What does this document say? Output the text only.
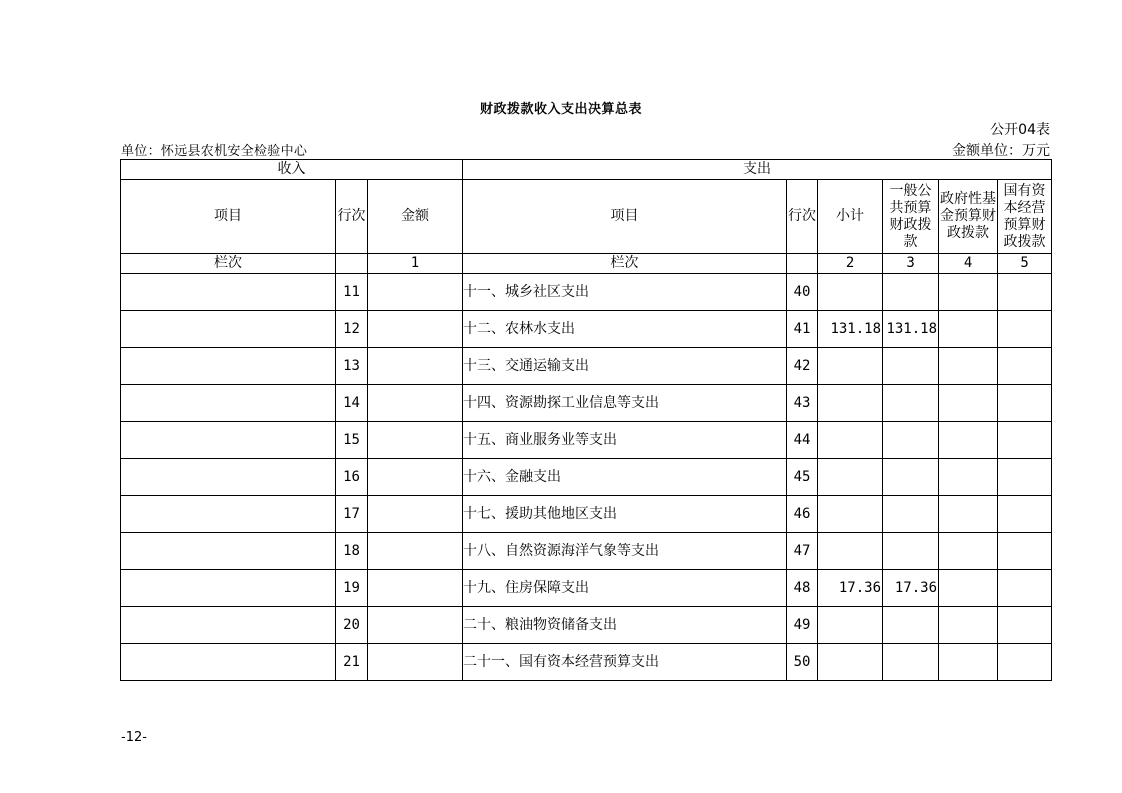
财政拨款收入支出决算总表
公开04表
单位：怀远县农机安全检验中心	金额单位：万元
收入			支出					
项目	行次	金额	项目	行次	小计	一般公共预算财政拨款	政府性基金预算财政拨款	国有资本经营预算财政拨款
栏次		1	栏次		2	3	4	5
	11		十一、城乡社区支出	40				
	12		十二、农林水支出	41	131.18	131.18		
	13		十三、交通运输支出	42				
	14		十四、资源勘探工业信息等支出	43				
	15		十五、商业服务业等支出	44				
	16		十六、金融支出	45				
	17		十七、援助其他地区支出	46				
	18		十八、自然资源海洋气象等支出	47				
	19		十九、住房保障支出	48	17.36	17.36		
	20		二十、粮油物资储备支出	49				
	21		二十一、国有资本经营预算支出	50				
-12-
